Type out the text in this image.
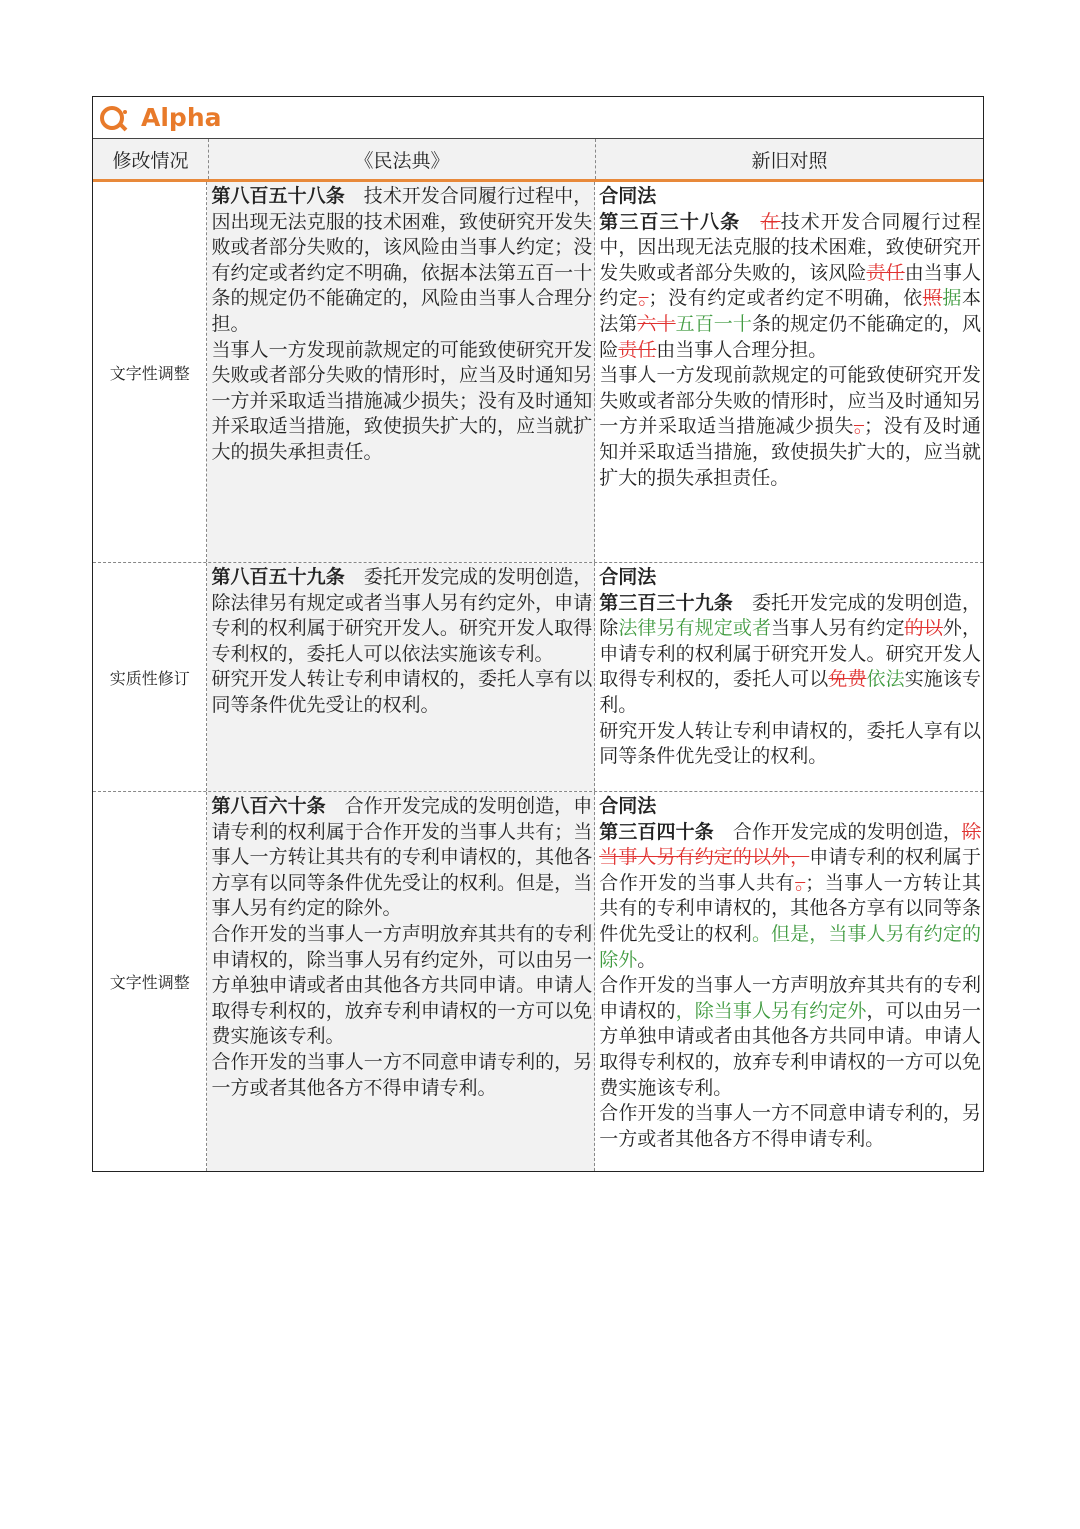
Alpha
修改情况	《民法典》	新旧对照
文字性调整

第八百五十八条　技术开发合同履行过程中，因出现无法克服的技术困难，致使研究开发失败或者部分失败的，该风险由当事人约定；没有约定或者约定不明确，依据本法第五百一十条的规定仍不能确定的，风险由当事人合理分担。

当事人一方发现前款规定的可能致使研究开发失败或者部分失败的情形时，应当及时通知另一方并采取适当措施减少损失；没有及时通知并采取适当措施，致使损失扩大的，应当就扩大的损失承担责任。

合同法

第三百三十八条　 在技术开发合同履行过程中，因出现无法克服的技术困难，致使研究开发失败或者部分失败的，该风险责任由当事人约定。；没有约定或者约定不明确，依照据本法第六十五百一十条的规定仍不能确定的，风险责任由当事人合理分担。

当事人一方发现前款规定的可能致使研究开发失败或者部分失败的情形时，应当及时通知另一方并采取适当措施减少损失。；没有及时通知并采取适当措施，致使损失扩大的，应当就扩大的损失承担责任。

实质性修订

第八百五十九条　委托开发完成的发明创造，除法律另有规定或者当事人另有约定外，申请专利的权利属于研究开发人。研究开发人取得专利权的，委托人可以依法实施该专利。

研究开发人转让专利申请权的，委托人享有以同等条件优先受让的权利。

合同法

第三百三十九条　委托开发完成的发明创造，除法律另有规定或者当事人另有约定的以外，申请专利的权利属于研究开发人。研究开发人取得专利权的，委托人可以免费依法实施该专利。

研究开发人转让专利申请权的，委托人享有以同等条件优先受让的权利。

文字性调整

第八百六十条　合作开发完成的发明创造，申请专利的权利属于合作开发的当事人共有；当事人一方转让其共有的专利申请权的，其他各方享有以同等条件优先受让的权利。但是，当事人另有约定的除外。

合作开发的当事人一方声明放弃其共有的专利申请权的，除当事人另有约定外，可以由另一方单独申请或者由其他各方共同申请。申请人取得专利权的，放弃专利申请权的一方可以免费实施该专利。

合作开发的当事人一方不同意申请专利的，另一方或者其他各方不得申请专利。

合同法

第三百四十条　合作开发完成的发明创造，除当事人另有约定的以外，申请专利的权利属于合作开发的当事人共有。；当事人一方转让其共有的专利申请权的，其他各方享有以同等条件优先受让的权利。但是，当事人另有约定的除外。

合作开发的当事人一方声明放弃其共有的专利申请权的，除当事人另有约定外，可以由另一方单独申请或者由其他各方共同申请。申请人取得专利权的，放弃专利申请权的一方可以免费实施该专利。

合作开发的当事人一方不同意申请专利的，另一方或者其他各方不得申请专利。
